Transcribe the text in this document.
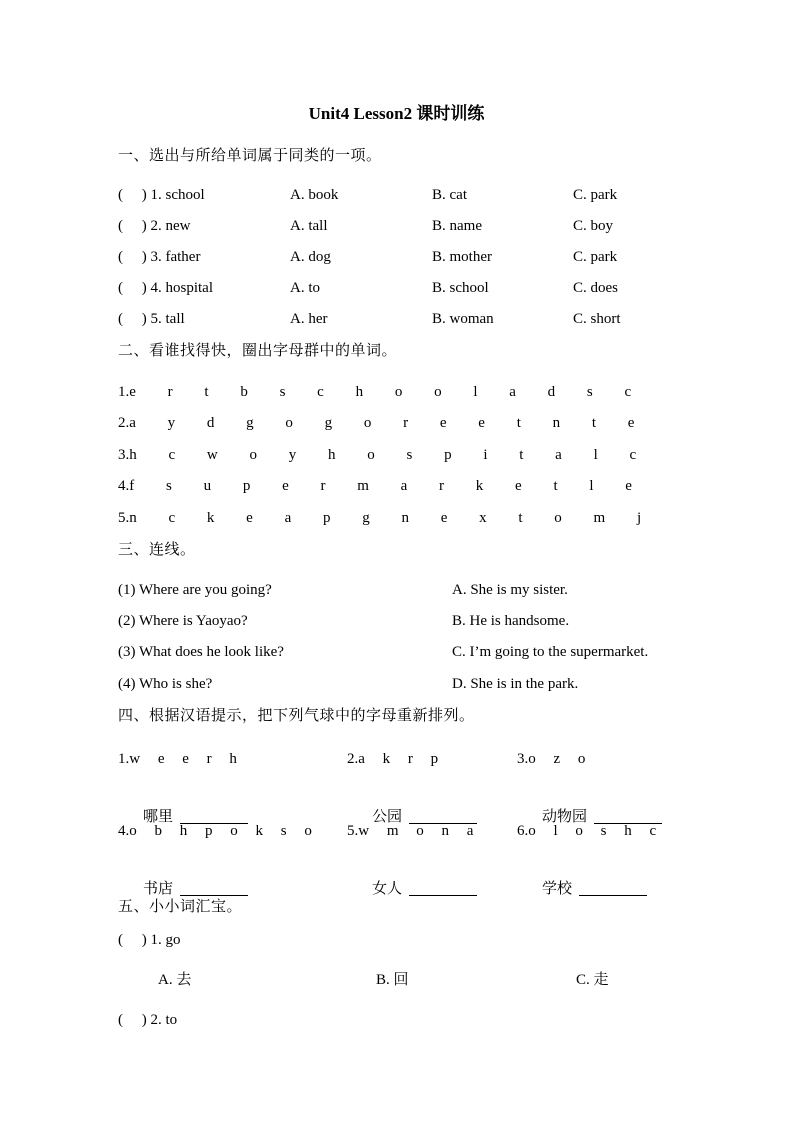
Unit4 Lesson2 课时训练
一、选出与所给单词属于同类的一项。
(     ) 1. school	A. book	B. cat	C. park
(     ) 2. new	A. tall	B. name	C. boy
(     ) 3. father	A. dog	B. mother	C. park
(     ) 4. hospital	A. to	B. school	C. does
(     ) 5. tall	A. her	B. woman	C. short
二、看谁找得快，圈出字母群中的单词。
1.e r t b s c h o o l a d s c
2.a y d g o g o r e e t n t e
3.h c w o y h o s p i t a l c
4.f s u p e r m a r k e t l e
5.n c k e a p g n e x t o m j
三、连线。
(1) Where are you going?	A. She is my sister.
(2) Where is Yaoyao?	B. He is handsome.
(3) What does he look like?	C. I’m going to the supermarket.
(4) Who is she?	D. She is in the park.
四、根据汉语提示，把下列气球中的字母重新排列。
1.w e e r h

哪里

2.a k r p

公园

3.o z o

动物园

4.o b h p o k s o

书店

5.w m o n a

女人

6.o l o s h c

学校

五、小小词汇宝。
(     ) 1. go
A. 去	B. 回	C. 走
(     ) 2. to
